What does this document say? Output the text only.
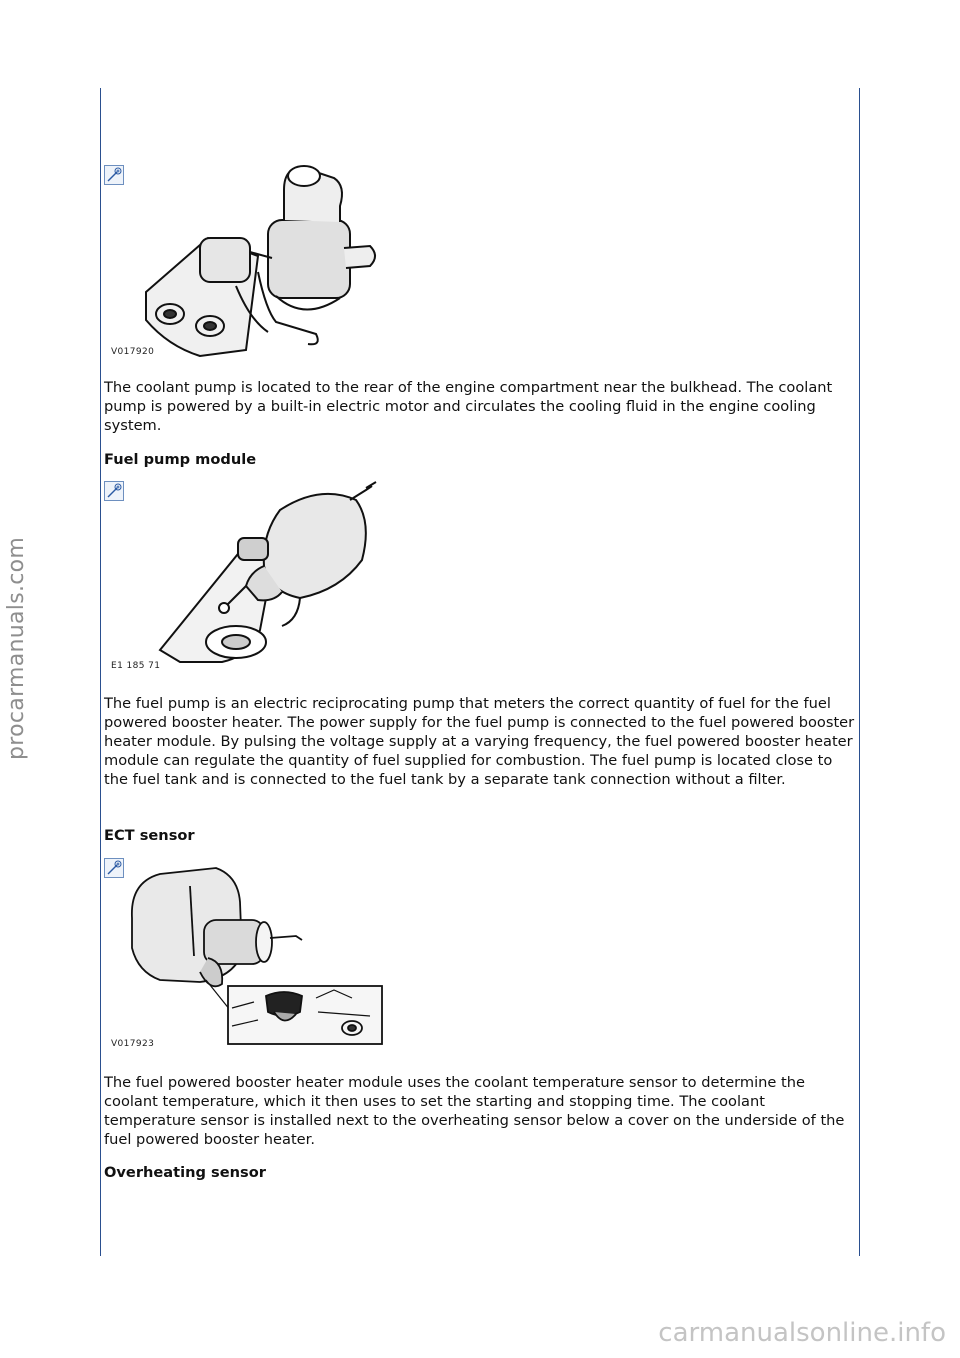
V017920

The coolant pump is located to the rear of the engine compartment near the bulkhead. The coolant pump is powered by a built-in electric motor and circulates the cooling fluid in the engine cooling system.

Fuel pump module

E1 185 71

The fuel pump is an electric reciprocating pump that meters the correct quantity of fuel for the fuel powered booster heater. The power supply for the fuel pump is connected to the fuel powered booster heater module. By pulsing the voltage supply at a varying frequency, the fuel powered booster heater module can regulate the quantity of fuel supplied for combustion. The fuel pump is located close to the fuel tank and is connected to the fuel tank by a separate tank connection without a filter.

ECT sensor

V017923

The fuel powered booster heater module uses the coolant temperature sensor to determine the coolant temperature, which it then uses to set the starting and stopping time. The coolant temperature sensor is installed next to the overheating sensor below a cover on the underside of the fuel powered booster heater.

Overheating sensor

procarmanuals.com
carmanualsonline.info
